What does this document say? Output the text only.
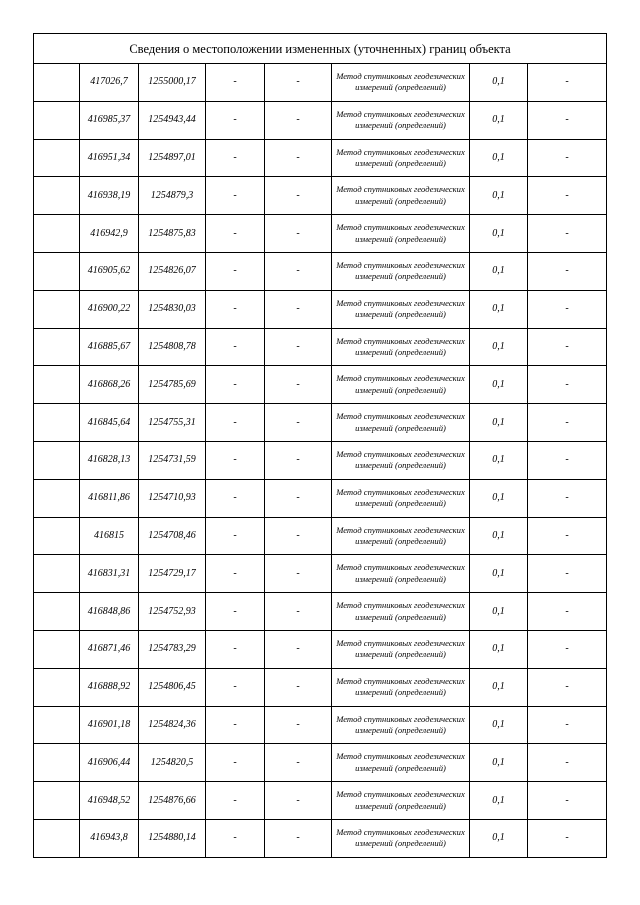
Сведения о местоположении измененных (уточненных) границ объекта							
	417026,7	1255000,17	-	-	Метод спутниковых геодезических измерений (определений)	0,1	-
	416985,37	1254943,44	-	-	Метод спутниковых геодезических измерений (определений)	0,1	-
	416951,34	1254897,01	-	-	Метод спутниковых геодезических измерений (определений)	0,1	-
	416938,19	1254879,3	-	-	Метод спутниковых геодезических измерений (определений)	0,1	-
	416942,9	1254875,83	-	-	Метод спутниковых геодезических измерений (определений)	0,1	-
	416905,62	1254826,07	-	-	Метод спутниковых геодезических измерений (определений)	0,1	-
	416900,22	1254830,03	-	-	Метод спутниковых геодезических измерений (определений)	0,1	-
	416885,67	1254808,78	-	-	Метод спутниковых геодезических измерений (определений)	0,1	-
	416868,26	1254785,69	-	-	Метод спутниковых геодезических измерений (определений)	0,1	-
	416845,64	1254755,31	-	-	Метод спутниковых геодезических измерений (определений)	0,1	-
	416828,13	1254731,59	-	-	Метод спутниковых геодезических измерений (определений)	0,1	-
	416811,86	1254710,93	-	-	Метод спутниковых геодезических измерений (определений)	0,1	-
	416815	1254708,46	-	-	Метод спутниковых геодезических измерений (определений)	0,1	-
	416831,31	1254729,17	-	-	Метод спутниковых геодезических измерений (определений)	0,1	-
	416848,86	1254752,93	-	-	Метод спутниковых геодезических измерений (определений)	0,1	-
	416871,46	1254783,29	-	-	Метод спутниковых геодезических измерений (определений)	0,1	-
	416888,92	1254806,45	-	-	Метод спутниковых геодезических измерений (определений)	0,1	-
	416901,18	1254824,36	-	-	Метод спутниковых геодезических измерений (определений)	0,1	-
	416906,44	1254820,5	-	-	Метод спутниковых геодезических измерений (определений)	0,1	-
	416948,52	1254876,66	-	-	Метод спутниковых геодезических измерений (определений)	0,1	-
	416943,8	1254880,14	-	-	Метод спутниковых геодезических измерений (определений)	0,1	-
